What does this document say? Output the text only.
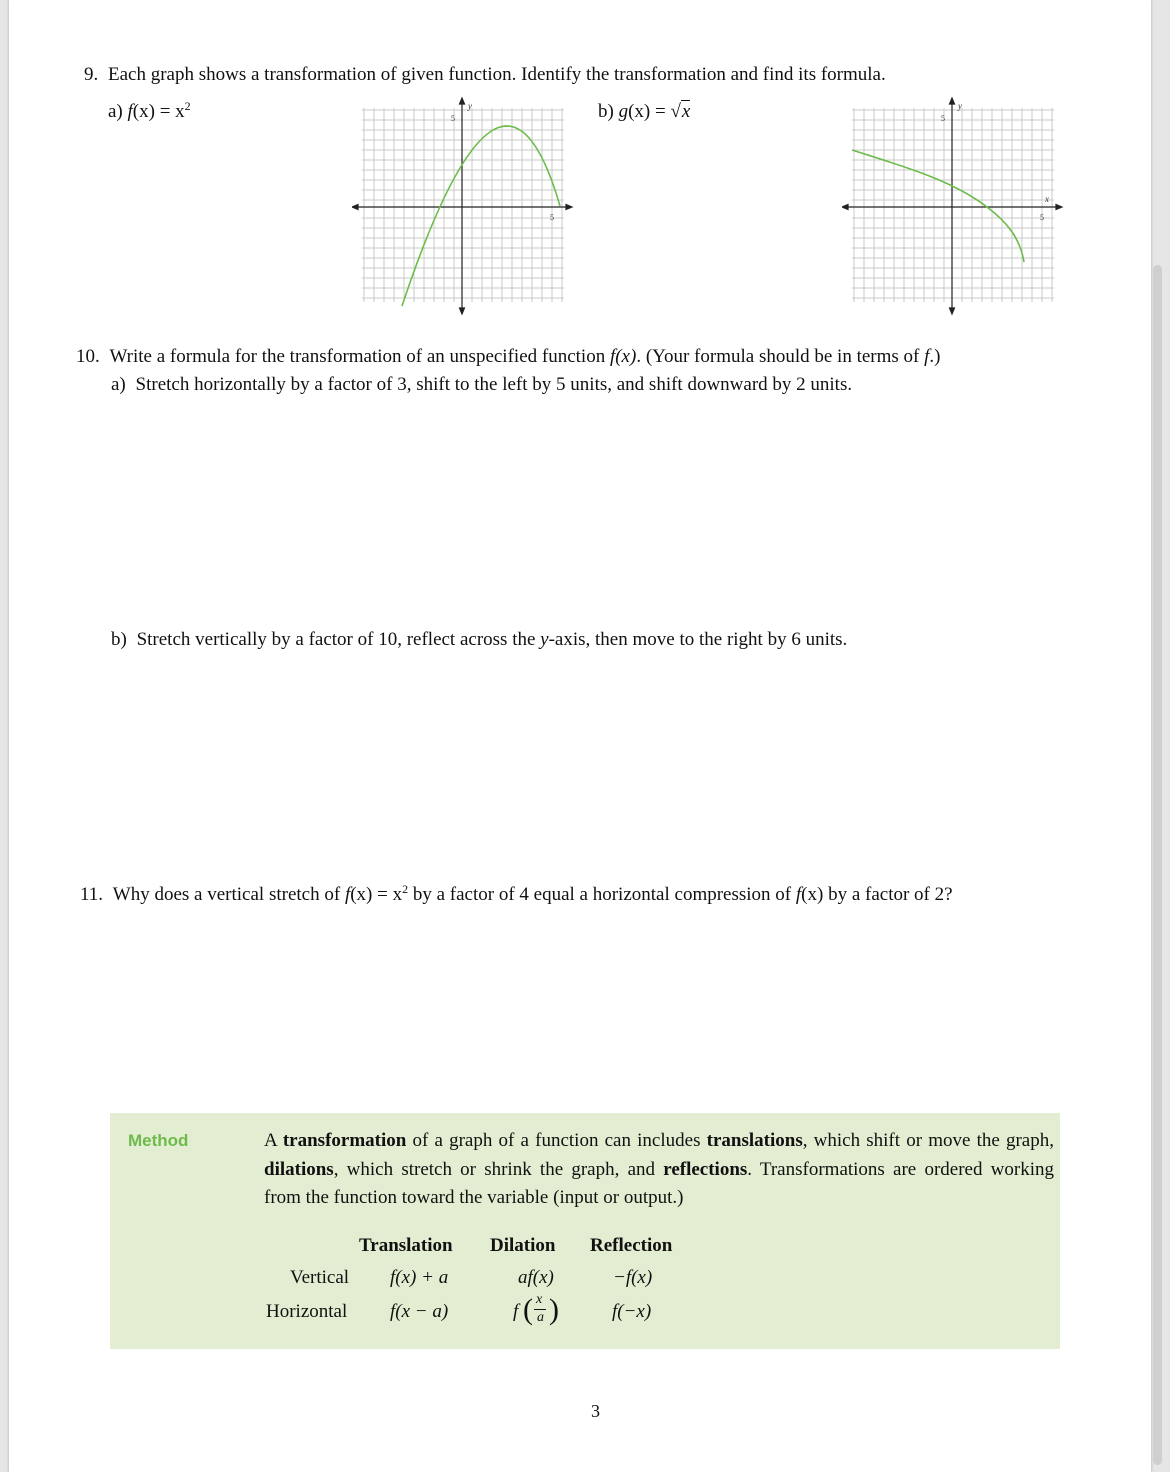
9. Each graph shows a transformation of given function. Identify the transformation and find its formula.
a) $f(x) = x^2$	b) g(x) = √x
y
5
5
y
x
5
5
10. Write a formula for the transformation of an unspecified function f(x). (Your formula should be in terms of f.)
a) Stretch horizontally by a factor of 3, shift to the left by 5 units, and shift downward by 2 units.
b) Stretch vertically by a factor of 10, reflect across the y-axis, then move to the right by 6 units.
11. Why does a vertical stretch of $f(x) = x^2$ by a factor of 4 equal a horizontal compression of f(x) by a factor of 2?
Method	A transformation of a graph of a function can includes translations, which shift or move the graph, dilations, which stretch or shrink the graph, and reflections. Transformations are ordered working from the function toward the variable (input or output.)
Translation Dilation Reflection
Vertical f(x) + a	af(x)	−f(x)
Horizontal f(x − a)	f ( x
a )	f(−x)
3
